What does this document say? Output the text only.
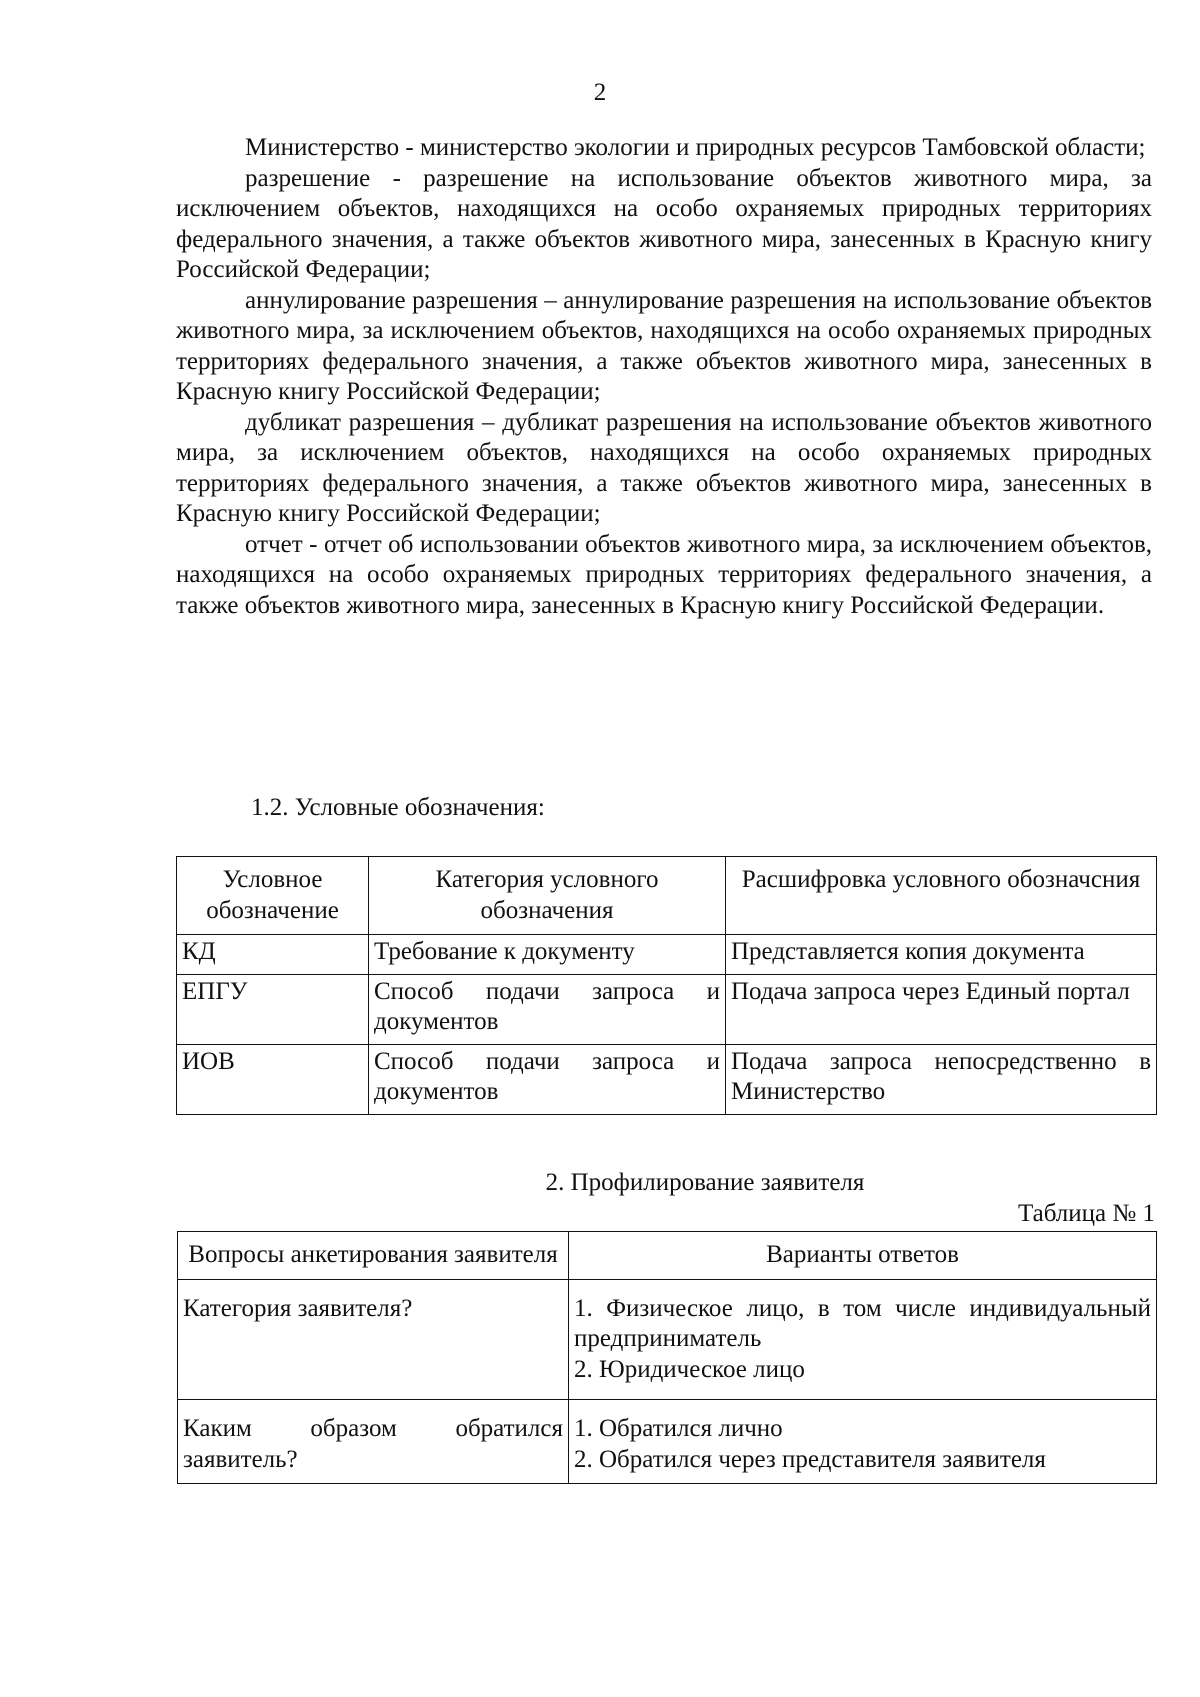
2

Министерство - министерство экологии и природных ресурсов Тамбовской области;

разрешение - разрешение на использование объектов животного мира, за исключением объектов, находящихся на особо охраняемых природных территориях федерального значения, а также объектов животного мира, занесенных в Красную книгу Российской Федерации;

аннулирование разрешения – аннулирование разрешения на использование объектов животного мира, за исключением объектов, находящихся на особо охраняемых природных территориях федерального значения, а также объектов животного мира, занесенных в Красную книгу Российской Федерации;

дубликат разрешения – дубликат разрешения на использование объектов животного мира, за исключением объектов, находящихся на особо охраняемых природных территориях федерального значения, а также объектов животного мира, занесенных в Красную книгу Российской Федерации;

отчет - отчет об использовании объектов животного мира, за исключением объектов, находящихся на особо охраняемых природных территориях федерального значения, а также объектов животного мира, занесенных в Красную книгу Российской Федерации.

1.2. Условные обозначения:
Условное обозначение	Категория условного обозначения	Расшифровка условного обозначсния
КД	Требование к документу	Представляется копия документа
ЕПГУ	Способ подачи запроса и документов	Подача запроса через Единый портал
ИОВ	Способ подачи запроса и документов	Подача запроса непосредственно в Министерство
2. Профилирование заявителя
Таблица № 1
Вопросы анкетирования заявителя	Варианты ответов
Категория заявителя?	1. Физическое лицо, в том числе индивидуальный предприниматель
2. Юридическое лицо

Каким образом обратился заявитель?	1. Обратился лично
2. Обратился через представителя заявителя
